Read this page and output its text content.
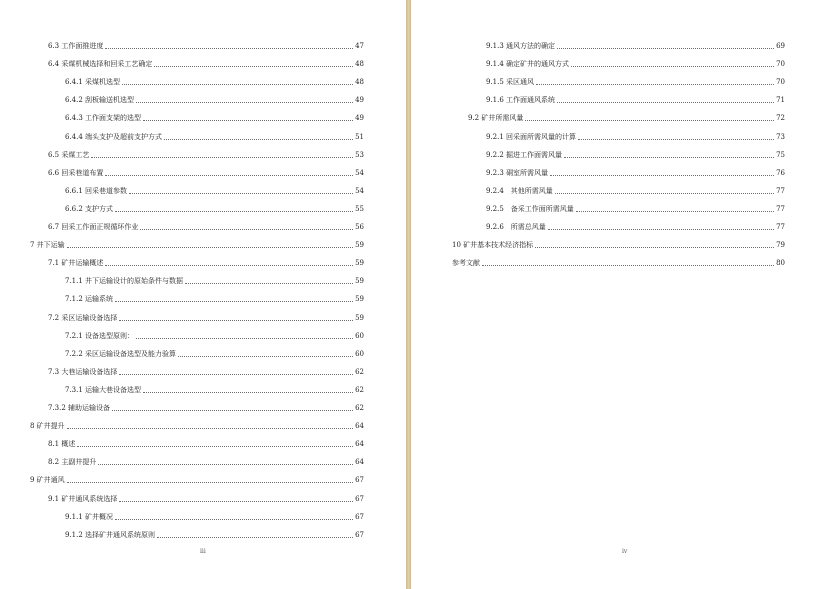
6.3 工作面推进度	47
6.4 采煤机械选择和回采工艺确定	48
6.4.1 采煤机选型	48
6.4.2 刮板输送机选型	49
6.4.3 工作面支架的选型	49
6.4.4 端头支护及超前支护方式	51
6.5 采煤工艺	53
6.6 回采巷道布置	54
6.6.1 回采巷道参数	54
6.6.2 支护方式	55
6.7 回采工作面正规循环作业	56
7 井下运输	59
7.1 矿井运输概述	59
7.1.1 井下运输设计的原始条件与数据	59
7.1.2 运输系统	59
7.2 采区运输设备选择	59
7.2.1 设备选型原则：	60
7.2.2 采区运输设备选型及能力验算	60
7.3 大巷运输设备选择	62
7.3.1 运输大巷设备选型	62
7.3.2 辅助运输设备	62
8 矿井提升	64
8.1 概述	64
8.2 主副井提升	64
9 矿井通风	67
9.1 矿井通风系统选择	67
9.1.1 矿井概况	67
9.1.2 选择矿井通风系统原则	67
iii
9.1.3 通风方法的确定	69
9.1.4 确定矿井的通风方式	70
9.1.5 采区通风	70
9.1.6 工作面通风系统	71
9.2 矿井所需风量	72
9.2.1 回采面所需风量的计算	73
9.2.2 掘进工作面需风量	75
9.2.3 硐室所需风量	76
9.2.4　其他所需风量	77
9.2.5　备采工作面所需风量	77
9.2.6　所需总风量	77
10 矿井基本技术经济指标	79
参考文献	80
iv
